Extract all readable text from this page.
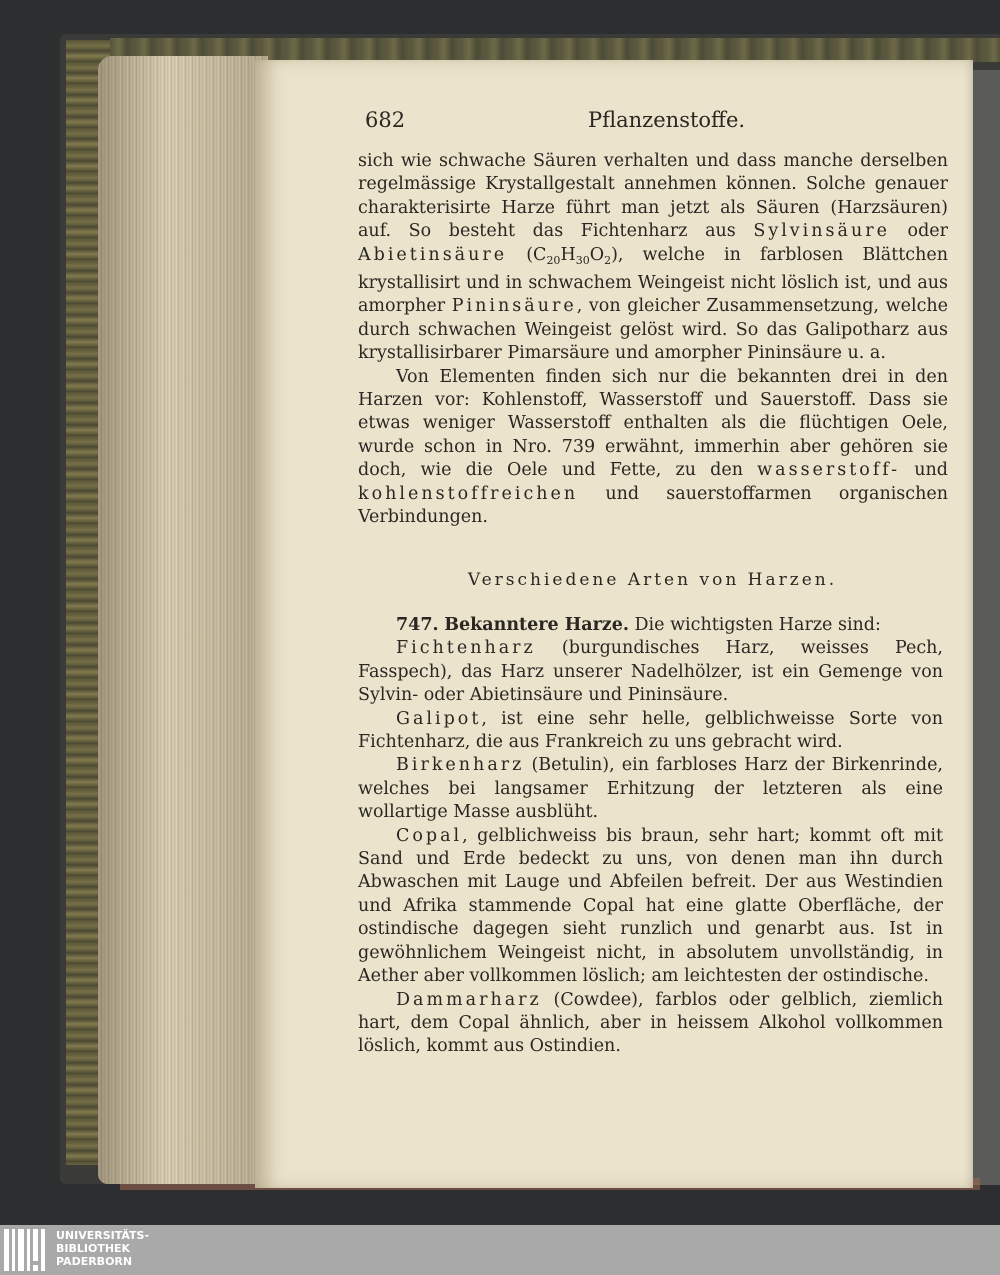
682	Pflanzenstoffe.

sich wie schwache Säuren verhalten und dass manche derselben regelmässige Krystallgestalt annehmen können. Solche genauer charakterisirte Harze führt man jetzt als Säuren (Harzsäuren) auf. So besteht das Fichtenharz aus Sylvinsäure oder Abietinsäure $(C_{20}H_{30}O_2)$, welche in farblosen Blättchen krystallisirt und in schwachem Weingeist nicht löslich ist, und aus amorpher Pininsäure, von gleicher Zusammensetzung, welche durch schwachen Weingeist gelöst wird. So das Galipotharz aus krystallisirbarer Pimarsäure und amorpher Pininsäure u. a.

Von Elementen finden sich nur die bekannten drei in den Harzen vor: Kohlenstoff, Wasserstoff und Sauerstoff. Dass sie etwas weniger Wasserstoff enthalten als die flüchtigen Oele, wurde schon in Nro. 739 erwähnt, immerhin aber gehören sie doch, wie die Oele und Fette, zu den wasserstoff- und kohlenstoffreichen und sauerstoffarmen organischen Verbindungen.

Verschiedene Arten von Harzen.

747. Bekanntere Harze. Die wichtigsten Harze sind:

Fichtenharz (burgundisches Harz, weisses Pech, Fasspech), das Harz unserer Nadelhölzer, ist ein Gemenge von Sylvin- oder Abietinsäure und Pininsäure.

Galipot, ist eine sehr helle, gelblichweisse Sorte von Fichtenharz, die aus Frankreich zu uns gebracht wird.

Birkenharz (Betulin), ein farbloses Harz der Birkenrinde, welches bei langsamer Erhitzung der letzteren als eine wollartige Masse ausblüht.

Copal, gelblichweiss bis braun, sehr hart; kommt oft mit Sand und Erde bedeckt zu uns, von denen man ihn durch Abwaschen mit Lauge und Abfeilen befreit. Der aus Westindien und Afrika stammende Copal hat eine glatte Oberfläche, der ostindische dagegen sieht runzlich und genarbt aus. Ist in gewöhnlichem Weingeist nicht, in absolutem unvollständig, in Aether aber vollkommen löslich; am leichtesten der ostindische.

Dammarharz (Cowdee), farblos oder gelblich, ziemlich hart, dem Copal ähnlich, aber in heissem Alkohol vollkommen löslich, kommt aus Ostindien.

UNIVERSITÄTS-
BIBLIOTHEK
PADERBORN
